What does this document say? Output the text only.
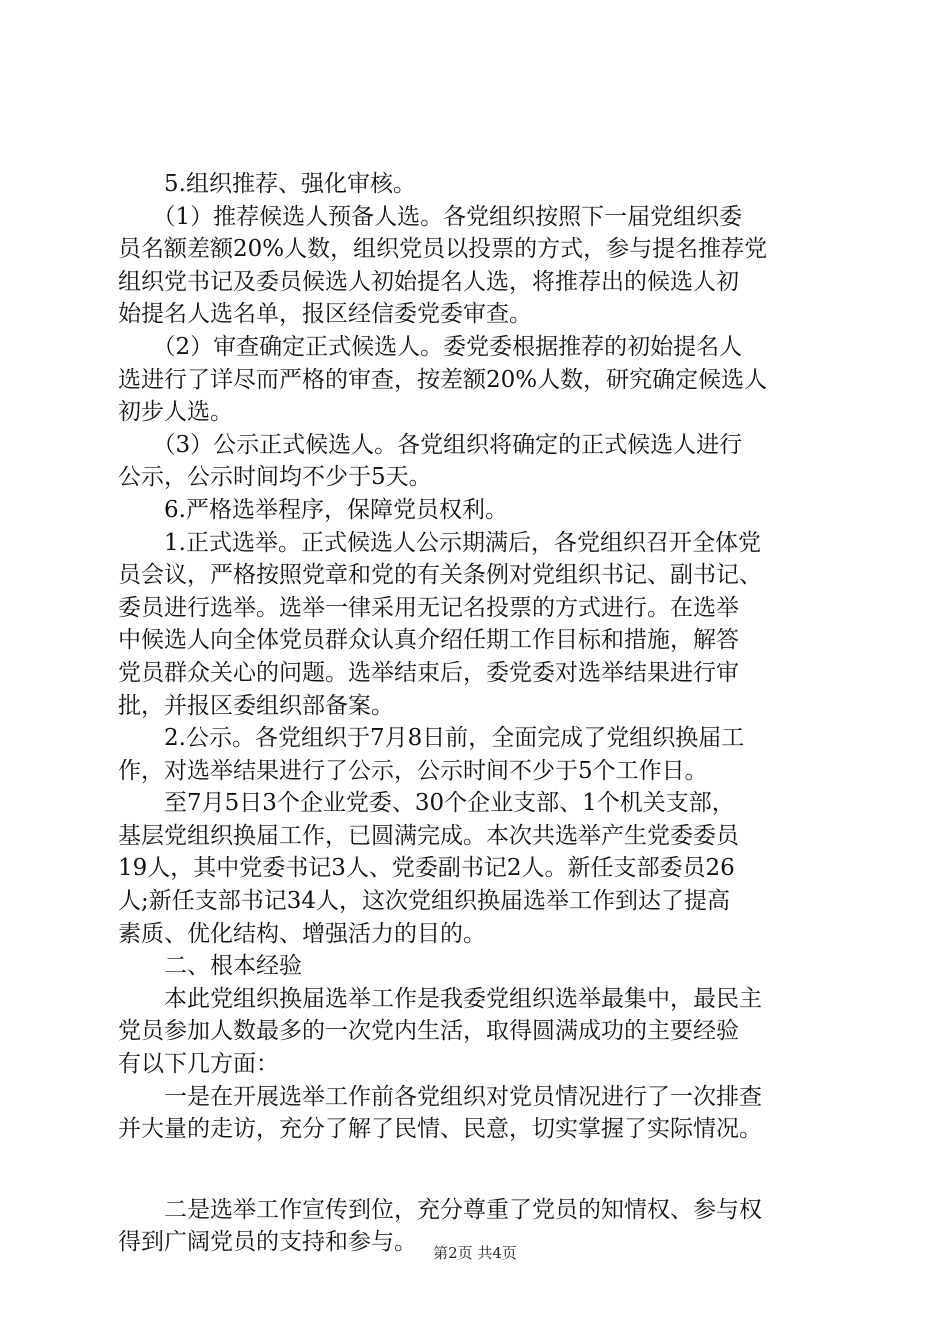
　　5.组织推荐、强化审核。
　　（1）推荐候选人预备人选。各党组织按照下一届党组织委
员名额差额20%人数，组织党员以投票的方式，参与提名推荐党
组织党书记及委员候选人初始提名人选，将推荐出的候选人初
始提名人选名单，报区经信委党委审查。
　　（2）审查确定正式候选人。委党委根据推荐的初始提名人
选进行了详尽而严格的审查，按差额20%人数，研究确定候选人
初步人选。
　　（3）公示正式候选人。各党组织将确定的正式候选人进行
公示，公示时间均不少于5天。
　　6.严格选举程序，保障党员权利。
　　1.正式选举。正式候选人公示期满后，各党组织召开全体党
员会议，严格按照党章和党的有关条例对党组织书记、副书记、
委员进行选举。选举一律采用无记名投票的方式进行。在选举
中候选人向全体党员群众认真介绍任期工作目标和措施，解答
党员群众关心的问题。选举结束后，委党委对选举结果进行审
批，并报区委组织部备案。
　　2.公示。各党组织于7月8日前，全面完成了党组织换届工
作，对选举结果进行了公示，公示时间不少于5个工作日。
　　至7月5日3个企业党委、30个企业支部、1个机关支部，
基层党组织换届工作，已圆满完成。本次共选举产生党委委员
19人，其中党委书记3人、党委副书记2人。新任支部委员26
人;新任支部书记34人，这次党组织换届选举工作到达了提高
素质、优化结构、增强活力的目的。
　　二、根本经验
　　本此党组织换届选举工作是我委党组织选举最集中，最民主
党员参加人数最多的一次党内生活，取得圆满成功的主要经验
有以下几方面：
　　一是在开展选举工作前各党组织对党员情况进行了一次排查
并大量的走访，充分了解了民情、民意，切实掌握了实际情况。
　　二是选举工作宣传到位，充分尊重了党员的知情权、参与权
得到广阔党员的支持和参与。	第2页 共4页
